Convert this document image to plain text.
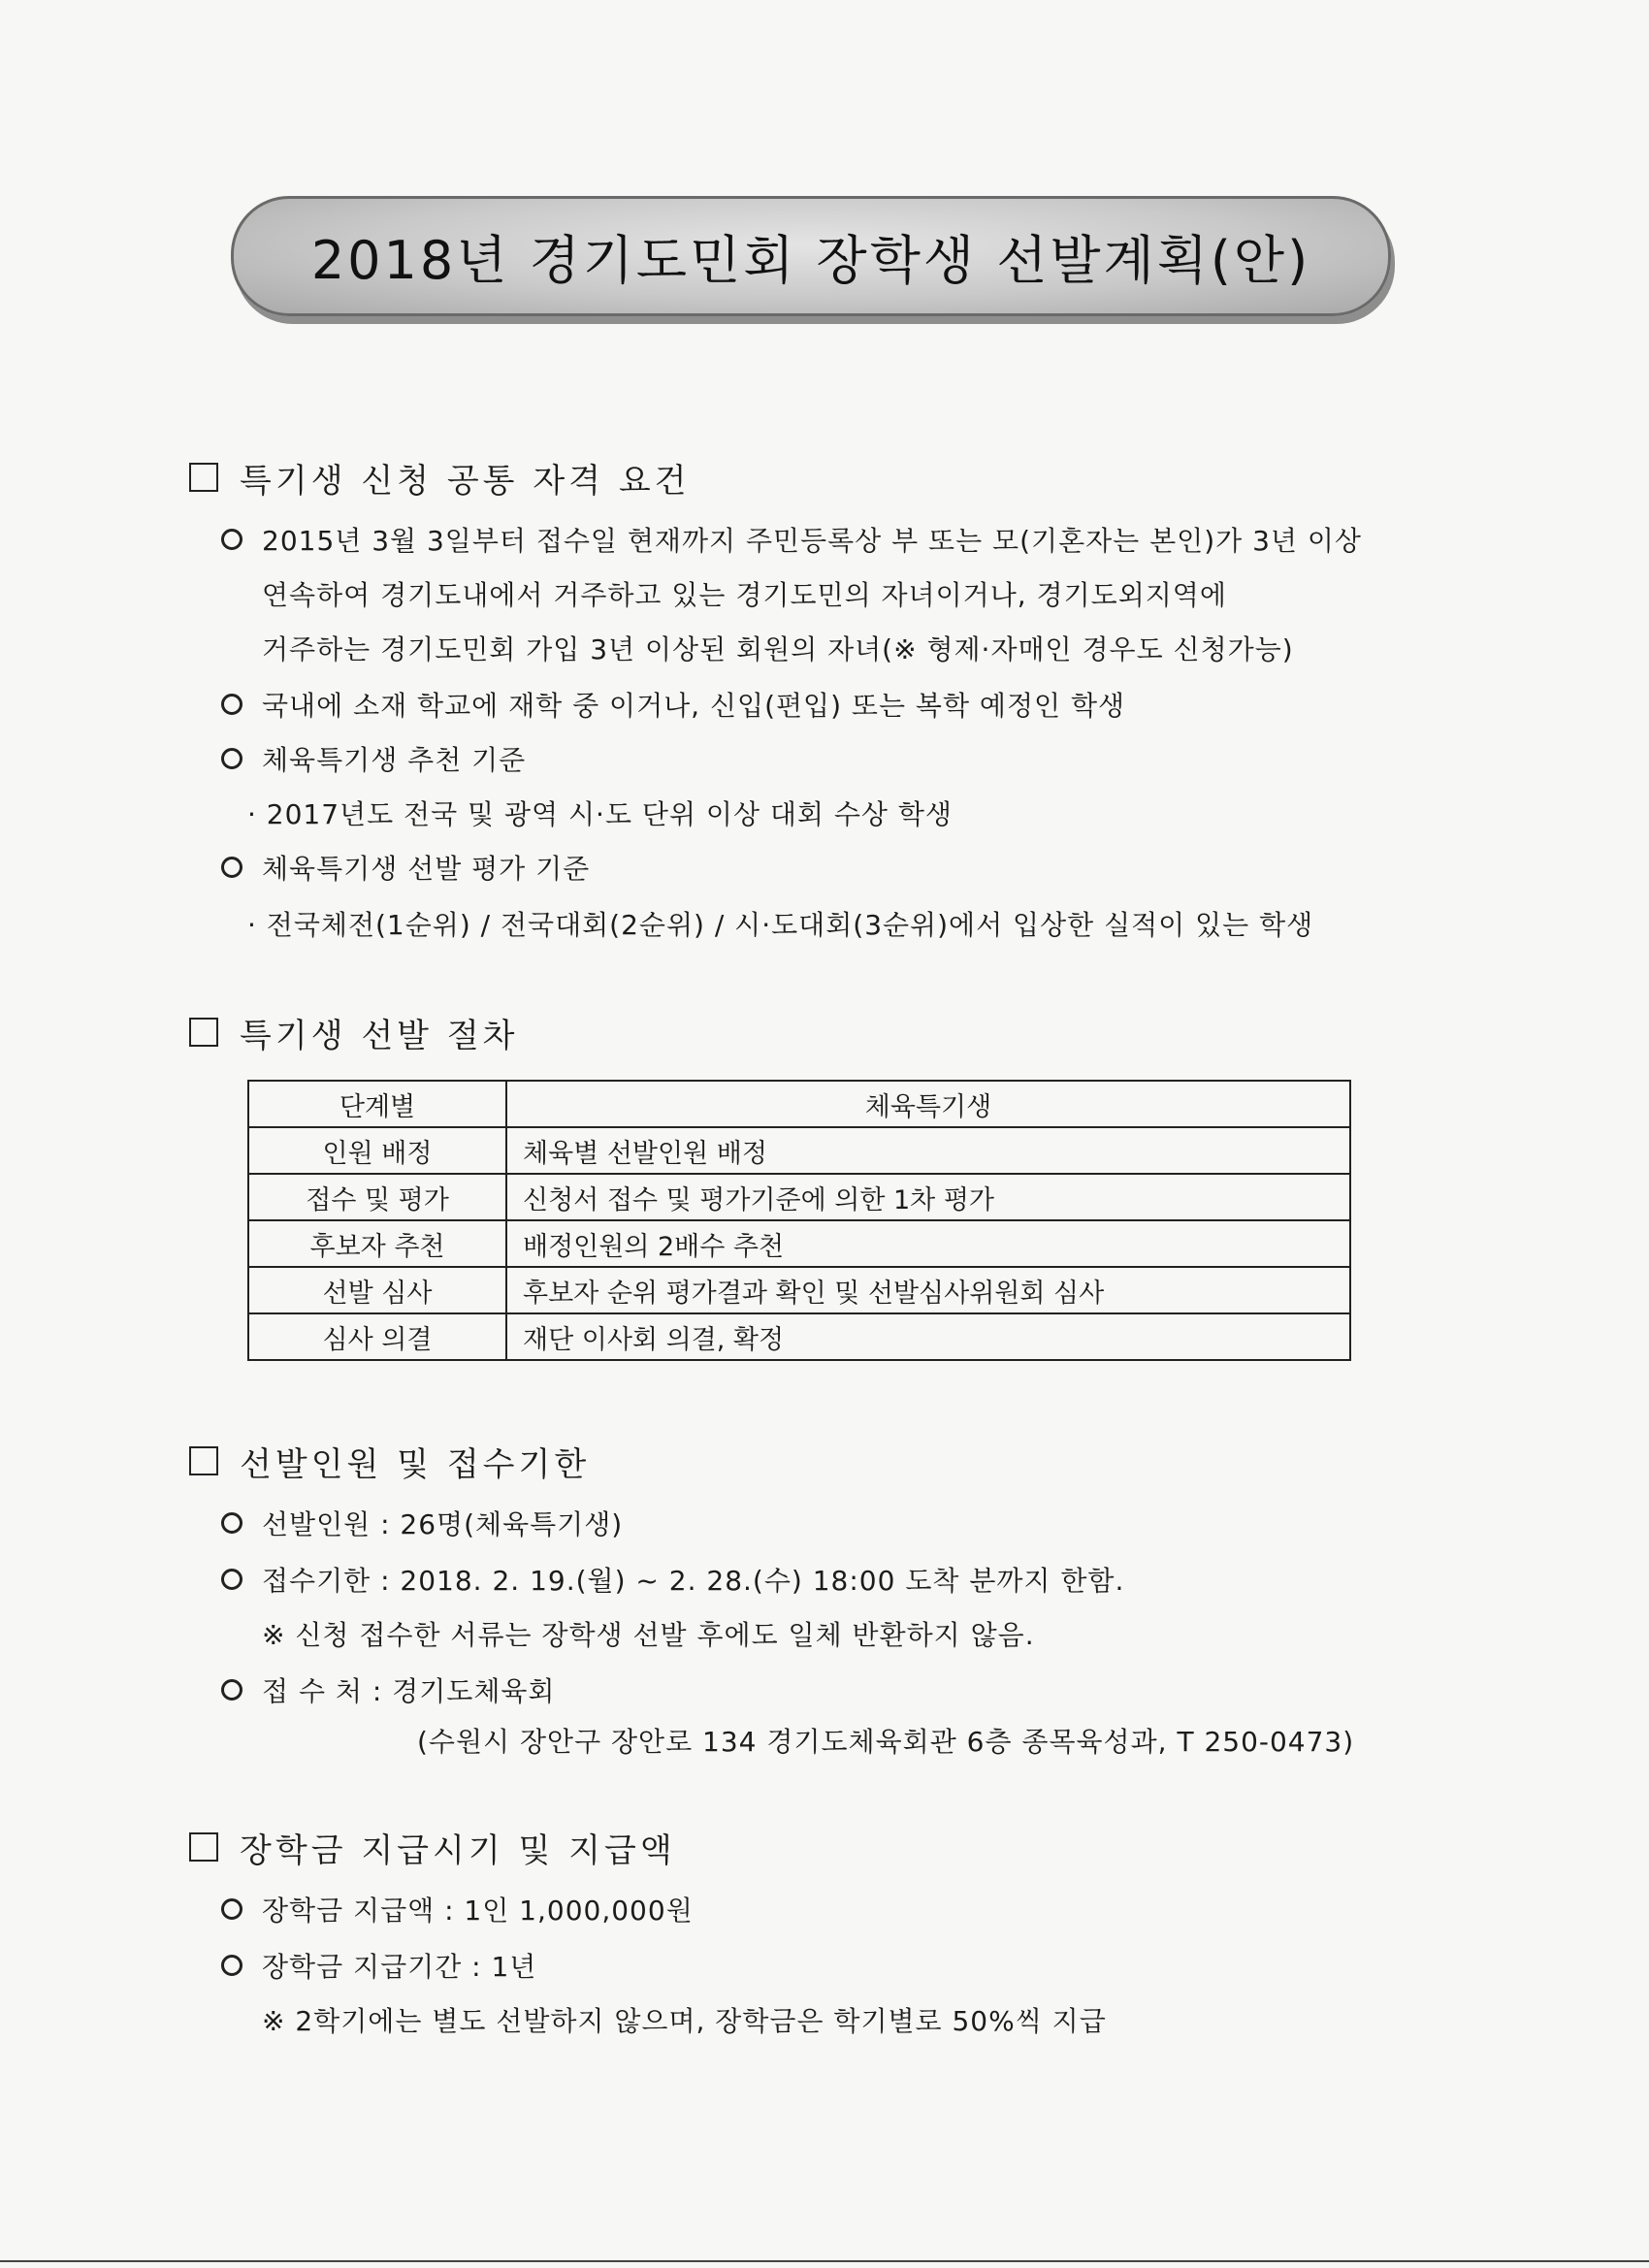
2018년 경기도민회 장학생 선발계획(안)
특기생 신청 공통 자격 요건
2015년 3월 3일부터 접수일 현재까지 주민등록상 부 또는 모(기혼자는 본인)가 3년 이상
연속하여 경기도내에서 거주하고 있는 경기도민의 자녀이거나, 경기도외지역에
거주하는 경기도민회 가입 3년 이상된 회원의 자녀(※ 형제·자매인 경우도 신청가능)
국내에 소재 학교에 재학 중 이거나, 신입(편입) 또는 복학 예정인 학생
체육특기생 추천 기준
· 2017년도 전국 및 광역 시·도 단위 이상 대회 수상 학생
체육특기생 선발 평가 기준
· 전국체전(1순위) / 전국대회(2순위) / 시·도대회(3순위)에서 입상한 실적이 있는 학생
특기생 선발 절차
단계별	체육특기생
인원 배정	체육별 선발인원 배정
접수 및 평가	신청서 접수 및 평가기준에 의한 1차 평가
후보자 추천	배정인원의 2배수 추천
선발 심사	후보자 순위 평가결과 확인 및 선발심사위원회 심사
심사 의결	재단 이사회 의결, 확정
선발인원 및 접수기한
선발인원 : 26명(체육특기생)
접수기한 : 2018. 2. 19.(월) ~ 2. 28.(수) 18:00 도착 분까지 한함.
※ 신청 접수한 서류는 장학생 선발 후에도 일체 반환하지 않음.
접 수 처 : 경기도체육회
(수원시 장안구 장안로 134 경기도체육회관 6층 종목육성과, T 250-0473)
장학금 지급시기 및 지급액
장학금 지급액 : 1인 1,000,000원
장학금 지급기간 : 1년
※ 2학기에는 별도 선발하지 않으며, 장학금은 학기별로 50%씩 지급
